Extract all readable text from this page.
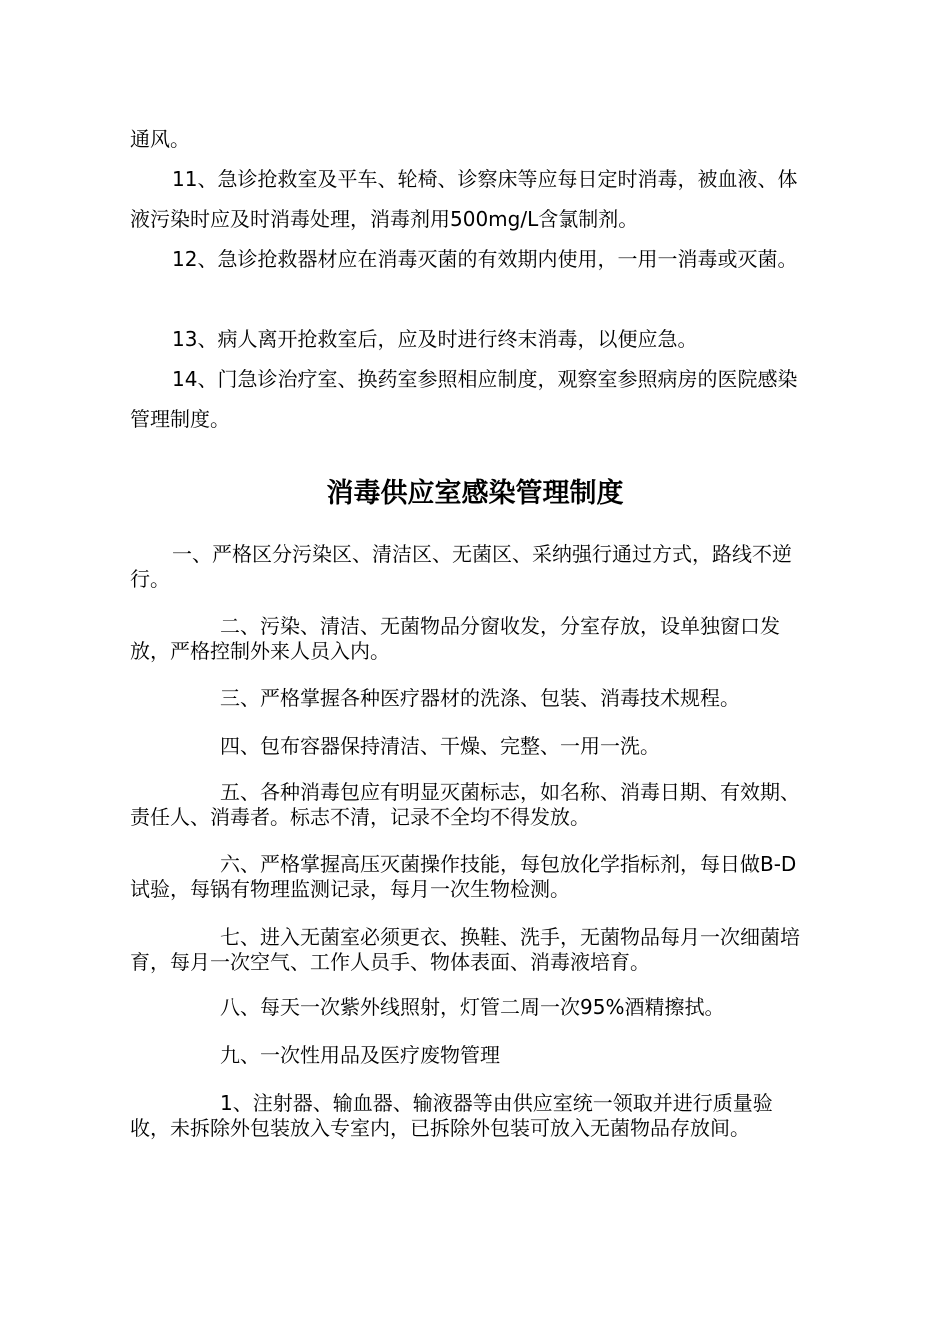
通风。

11、急诊抢救室及平车、轮椅、诊察床等应每日定时消毒，被血液、体液污染时应及时消毒处理，消毒剂用500mg/L含氯制剂。

12、急诊抢救器材应在消毒灭菌的有效期内使用，一用一消毒或灭菌。

13、病人离开抢救室后，应及时进行终末消毒，以便应急。

14、门急诊治疗室、换药室参照相应制度，观察室参照病房的医院感染管理制度。

消毒供应室感染管理制度

一、严格区分污染区、清洁区、无菌区、采纳强行通过方式，路线不逆行。

二、污染、清洁、无菌物品分窗收发，分室存放，设单独窗口发放，严格控制外来人员入内。

三、严格掌握各种医疗器材的洗涤、包装、消毒技术规程。

四、包布容器保持清洁、干燥、完整、一用一洗。

五、各种消毒包应有明显灭菌标志，如名称、消毒日期、有效期、责任人、消毒者。标志不清，记录不全均不得发放。

六、严格掌握高压灭菌操作技能，每包放化学指标剂，每日做B-D试验，每锅有物理监测记录，每月一次生物检测。

七、进入无菌室必须更衣、换鞋、洗手，无菌物品每月一次细菌培育，每月一次空气、工作人员手、物体表面、消毒液培育。

八、每天一次紫外线照射，灯管二周一次95%酒精擦拭。

九、一次性用品及医疗废物管理

1、注射器、输血器、输液器等由供应室统一领取并进行质量验收，未拆除外包装放入专室内，已拆除外包装可放入无菌物品存放间。
